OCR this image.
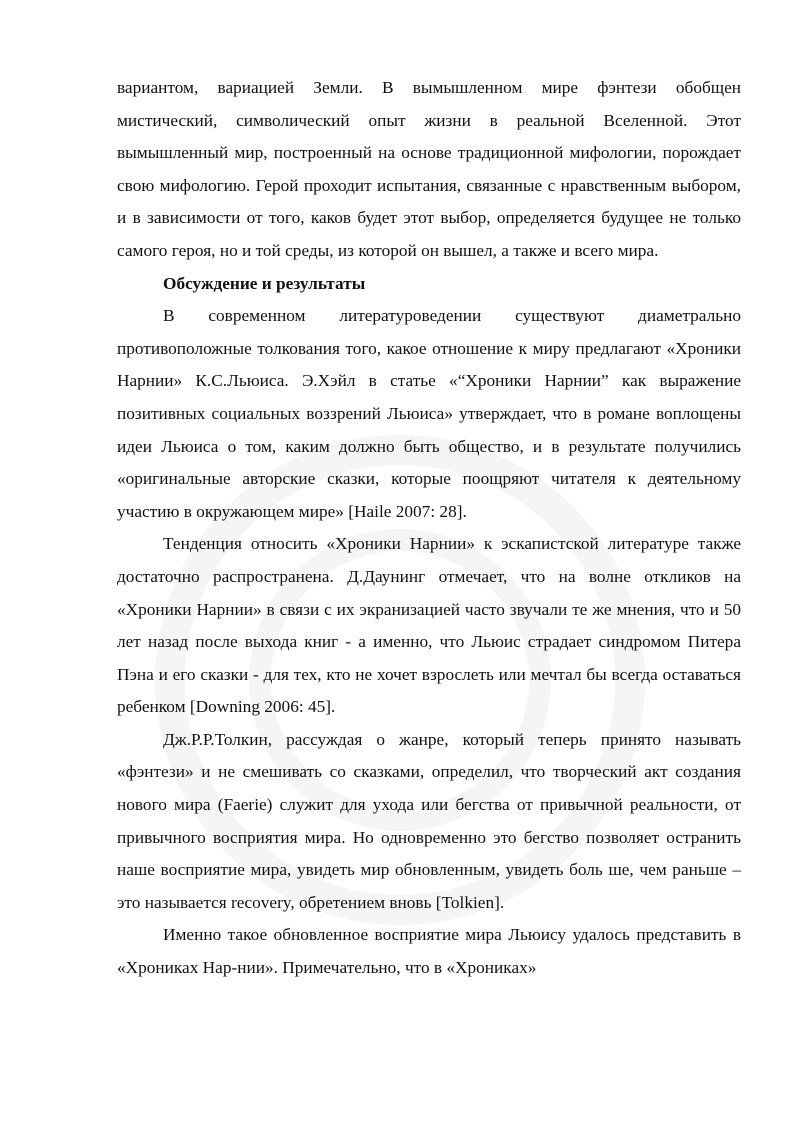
вариантом, вариацией Земли. В вымышленном мире фэнтези обобщен мистический, символический опыт жизни в реальной Вселенной. Этот вымышленный мир, построенный на основе традиционной мифологии, порождает свою мифологию. Герой проходит испытания, связанные с нравственным выбором, и в зависимости от того, каков будет этот выбор, определяется будущее не только самого героя, но и той среды, из которой он вышел, а также и всего мира.

Обсуждение и результаты

В современном литературоведении существуют диаметрально противоположные толкования того, какое отношение к миру предлагают «Хроники Нарнии» К.С.Льюиса. Э.Хэйл в статье «“Хроники Нарнии” как выражение позитивных социальных воззрений Льюиса» утверждает, что в романе воплощены идеи Льюиса о том, каким должно быть общество, и в результате получились «оригинальные авторские сказки, которые поощряют читателя к деятельному участию в окружающем мире» [Haile 2007: 28].

Тенденция относить «Хроники Нарнии» к эскапистской литературе также достаточно распространена. Д.Даунинг отмечает, что на волне откликов на «Хроники Нарнии» в связи с их экранизацией часто звучали те же мнения, что и 50 лет назад после выхода книг - а именно, что Льюис страдает синдромом Питера Пэна и его сказки - для тех, кто не хочет взрослеть или мечтал бы всегда оставаться ребенком [Downing 2006: 45].

Дж.Р.Р.Толкин, рассуждая о жанре, который теперь принято называть «фэнтези» и не смешивать со сказками, определил, что творческий акт создания нового мира (Faerie) служит для ухода или бегства от привычной реальности, от привычного восприятия мира. Но одновременно это бегство позволяет остранить наше восприятие мира, увидеть мир обновленным, увидеть боль ше, чем раньше – это называется recovery, обретением вновь [Tolkien].

Именно такое обновленное восприятие мира Льюису удалось представить в «Хрониках Нар-нии». Примечательно, что в «Хрониках»
